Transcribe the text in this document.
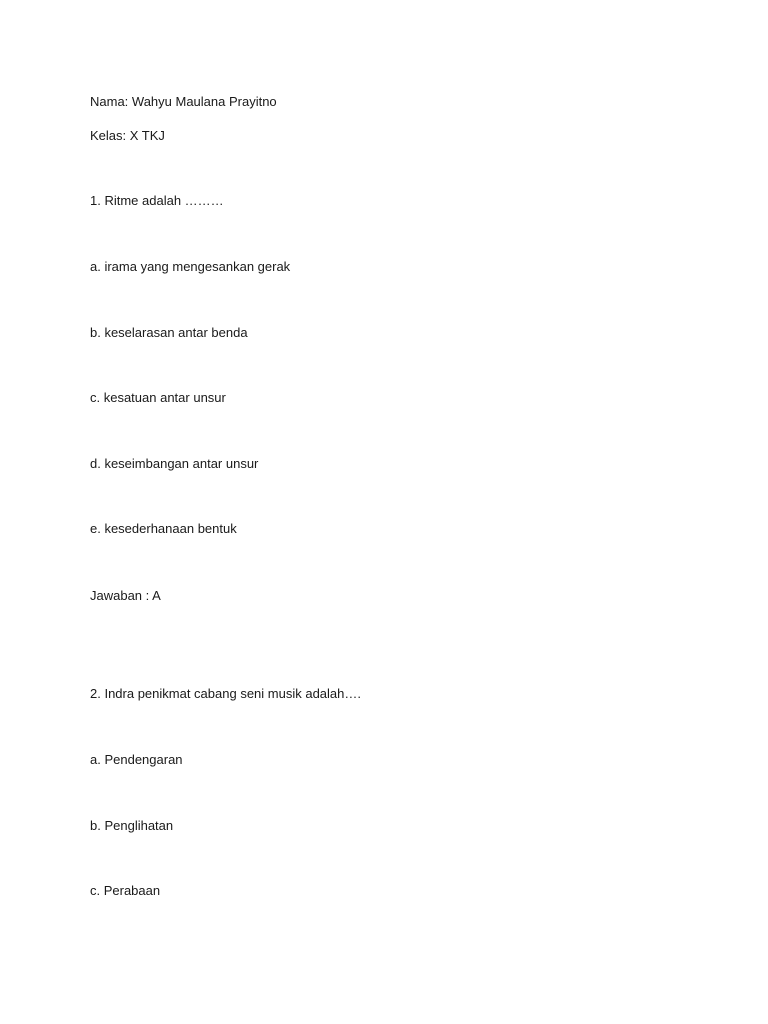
Nama: Wahyu Maulana Prayitno
Kelas: X TKJ
1. Ritme adalah ………
a. irama yang mengesankan gerak
b. keselarasan antar benda
c. kesatuan antar unsur
d. keseimbangan antar unsur
e. kesederhanaan bentuk
Jawaban : A
2. Indra penikmat cabang seni musik adalah….
a. Pendengaran
b. Penglihatan
c. Perabaan
